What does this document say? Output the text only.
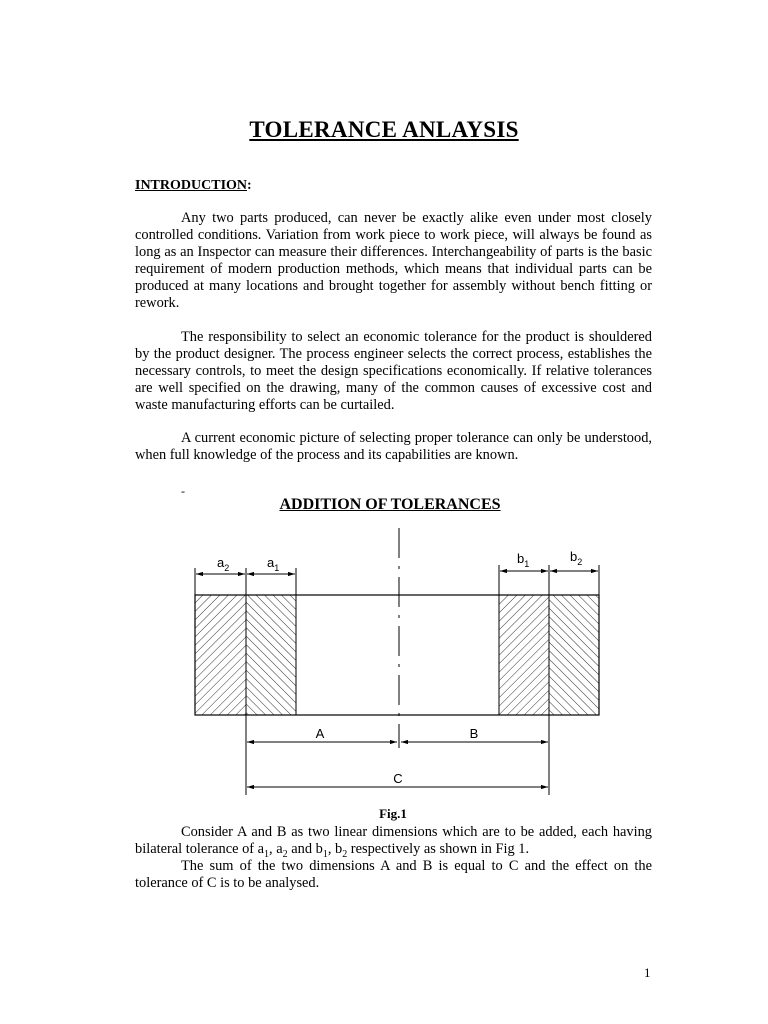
TOLERANCE ANLAYSIS
INTRODUCTION:

Any two parts produced, can never be exactly alike even under most closely controlled conditions. Variation from work piece to work piece, will always be found as long as an Inspector can measure their differences. Interchangeability of parts is the basic requirement of modern production methods, which means that individual parts can be produced at many locations and brought together for assembly without bench fitting or rework.

The responsibility to select an economic tolerance for the product is shouldered by the product designer. The process engineer selects the correct process, establishes the necessary controls, to meet the design specifications economically. If relative tolerances are well specified on the drawing, many of the common causes of excessive cost and waste manufacturing efforts can be curtailed.

A current economic picture of selecting proper tolerance can only be understood, when full knowledge of the process and its capabilities are known.

-
ADDITION OF TOLERANCES
$a_2$	$a_1$
$b_1$	$b_2$
A	B
C
Fig.1

Consider A and B as two linear dimensions which are to be added, each having bilateral tolerance of $a_1$, $a_2$ and $b_1$, $b_2$ respectively as shown in Fig 1.

The sum of the two dimensions A and B is equal to C and the effect on the tolerance of C is to be analysed.

1
